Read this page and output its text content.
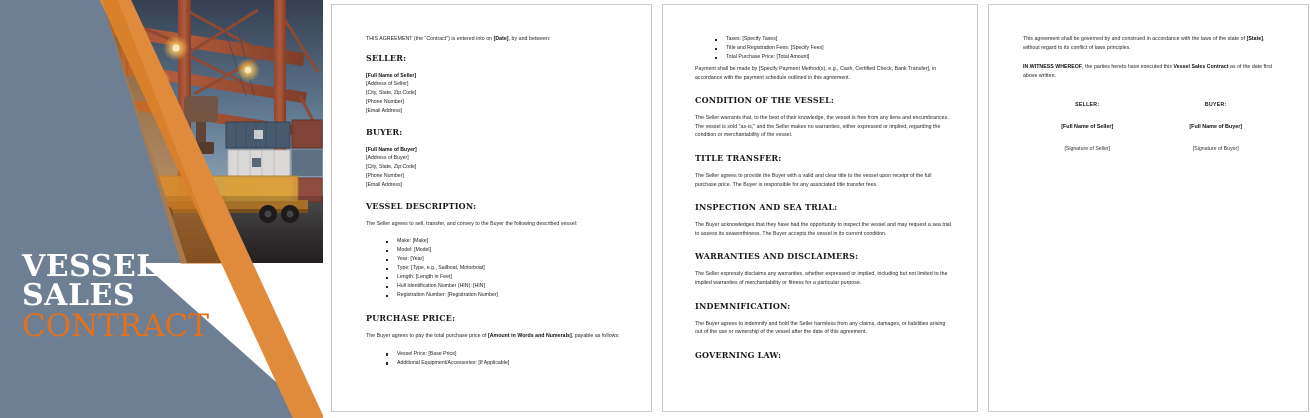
VESSEL
SALES
CONTRACT

THIS AGREEMENT (the “Contract”) is entered into on [Date], by and between:

SELLER:
[Full Name of Seller]
[Address of Seller]
[City, State, Zip Code]
[Phone Number]
[Email Address]
BUYER:
[Full Name of Buyer]
[Address of Buyer]
[City, State, Zip Code]
[Phone Number]
[Email Address]
VESSEL DESCRIPTION:

The Seller agrees to sell, transfer, and convey to the Buyer the following described vessel:

Make: [Make]
Model: [Model]
Year: [Year]
Type: [Type, e.g., Sailboat, Motorboat]
Length: [Length in Feet]
Hull Identification Number (HIN): [HIN]
Registration Number: [Registration Number]
PURCHASE PRICE:

The Buyer agrees to pay the total purchase price of [Amount in Words and Numerals], payable as follows:

Vessel Price: [Base Price]
Additional Equipment/Accessories: [If Applicable]
Taxes: [Specify Taxes]
Title and Registration Fees: [Specify Fees]
Total Purchase Price: [Total Amount]

Payment shall be made by [Specify Payment Method(s), e.g., Cash, Certified Check, Bank Transfer], in accordance with the payment schedule outlined in this agreement.

CONDITION OF THE VESSEL:

The Seller warrants that, to the best of their knowledge, the vessel is free from any liens and encumbrances. The vessel is sold "as-is," and the Seller makes no warranties, either expressed or implied, regarding the condition or merchantability of the vessel.

TITLE TRANSFER:

The Seller agrees to provide the Buyer with a valid and clear title to the vessel upon receipt of the full purchase price. The Buyer is responsible for any associated title transfer fees.

INSPECTION AND SEA TRIAL:

The Buyer acknowledges that they have had the opportunity to inspect the vessel and may request a sea trial to assess its seaworthiness. The Buyer accepts the vessel in its current condition.

WARRANTIES AND DISCLAIMERS:

The Seller expressly disclaims any warranties, whether expressed or implied, including but not limited to the implied warranties of merchantability or fitness for a particular purpose.

INDEMNIFICATION:

The Buyer agrees to indemnify and hold the Seller harmless from any claims, damages, or liabilities arising out of the use or ownership of the vessel after the date of this agreement.

GOVERNING LAW:

This agreement shall be governed by and construed in accordance with the laws of the state of [State], without regard to its conflict of laws principles.

IN WITNESS WHEREOF, the parties hereto have executed this Vessel Sales Contract as of the date first above written.

SELLER:
[Full Name of Seller]
[Signature of Seller]
BUYER:
[Full Name of Buyer]
[Signature of Buyer]
